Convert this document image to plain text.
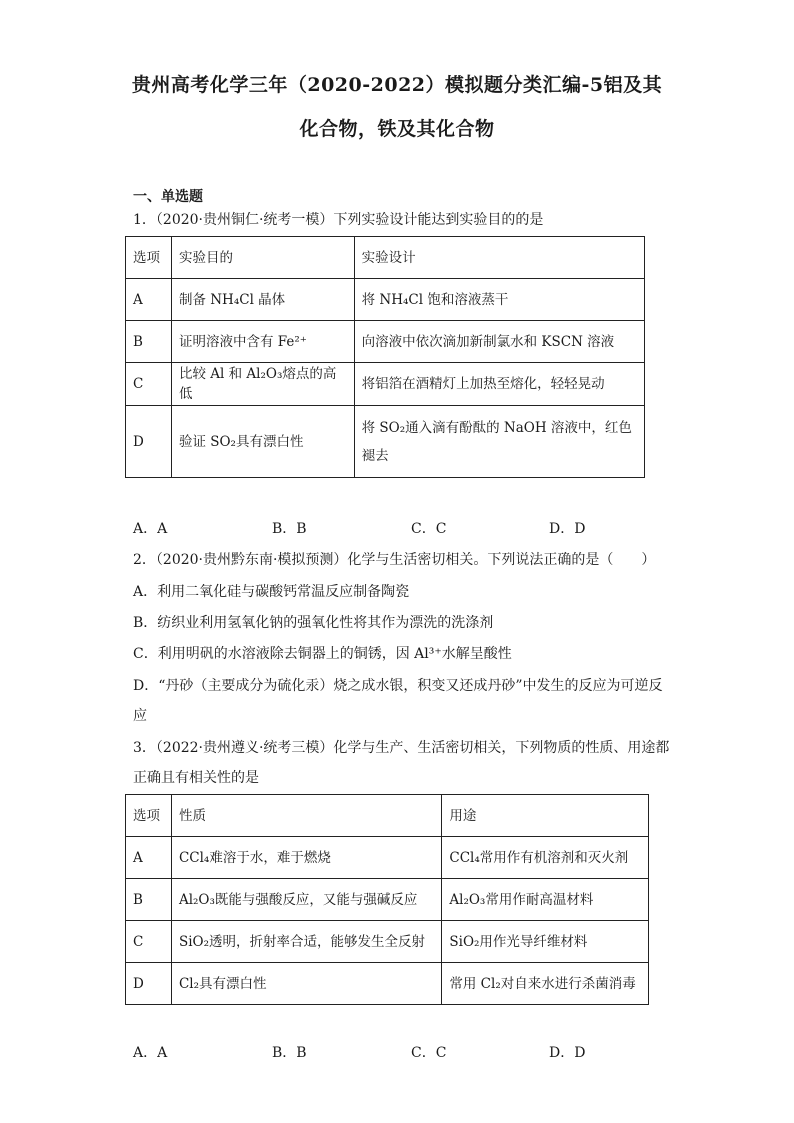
贵州高考化学三年（2020-2022）模拟题分类汇编-5铝及其
化合物，铁及其化合物
一、单选题
1．（2020·贵州铜仁·统考一模）下列实验设计能达到实验目的的是
选项	实验目的	实验设计
A	制备 NH₄Cl 晶体	将 NH₄Cl 饱和溶液蒸干
B	证明溶液中含有 Fe²⁺	向溶液中依次滴加新制氯水和 KSCN 溶液
C	比较 Al 和 Al₂O₃熔点的高低	将铝箔在酒精灯上加热至熔化，轻轻晃动
D	验证 SO₂具有漂白性	将 SO₂通入滴有酚酞的 NaOH 溶液中，红色褪去
A．A	B．B	C．C	D．D
2．（2020·贵州黔东南·模拟预测）化学与生活密切相关。下列说法正确的是（　　）
A．利用二氧化硅与碳酸钙常温反应制备陶瓷
B．纺织业利用氢氧化钠的强氧化性将其作为漂洗的洗涤剂
C．利用明矾的水溶液除去铜器上的铜锈，因 Al³⁺水解呈酸性
D．“丹砂（主要成分为硫化汞）烧之成水银，积变又还成丹砂”中发生的反应为可逆反
应
3．（2022·贵州遵义·统考三模）化学与生产、生活密切相关，下列物质的性质、用途都
正确且有相关性的是
选项	性质	用途
A	CCl₄难溶于水，难于燃烧	CCl₄常用作有机溶剂和灭火剂
B	Al₂O₃既能与强酸反应，又能与强碱反应	Al₂O₃常用作耐高温材料
C	SiO₂透明，折射率合适，能够发生全反射	SiO₂用作光导纤维材料
D	Cl₂具有漂白性	常用 Cl₂对自来水进行杀菌消毒
A．A	B．B	C．C	D．D
